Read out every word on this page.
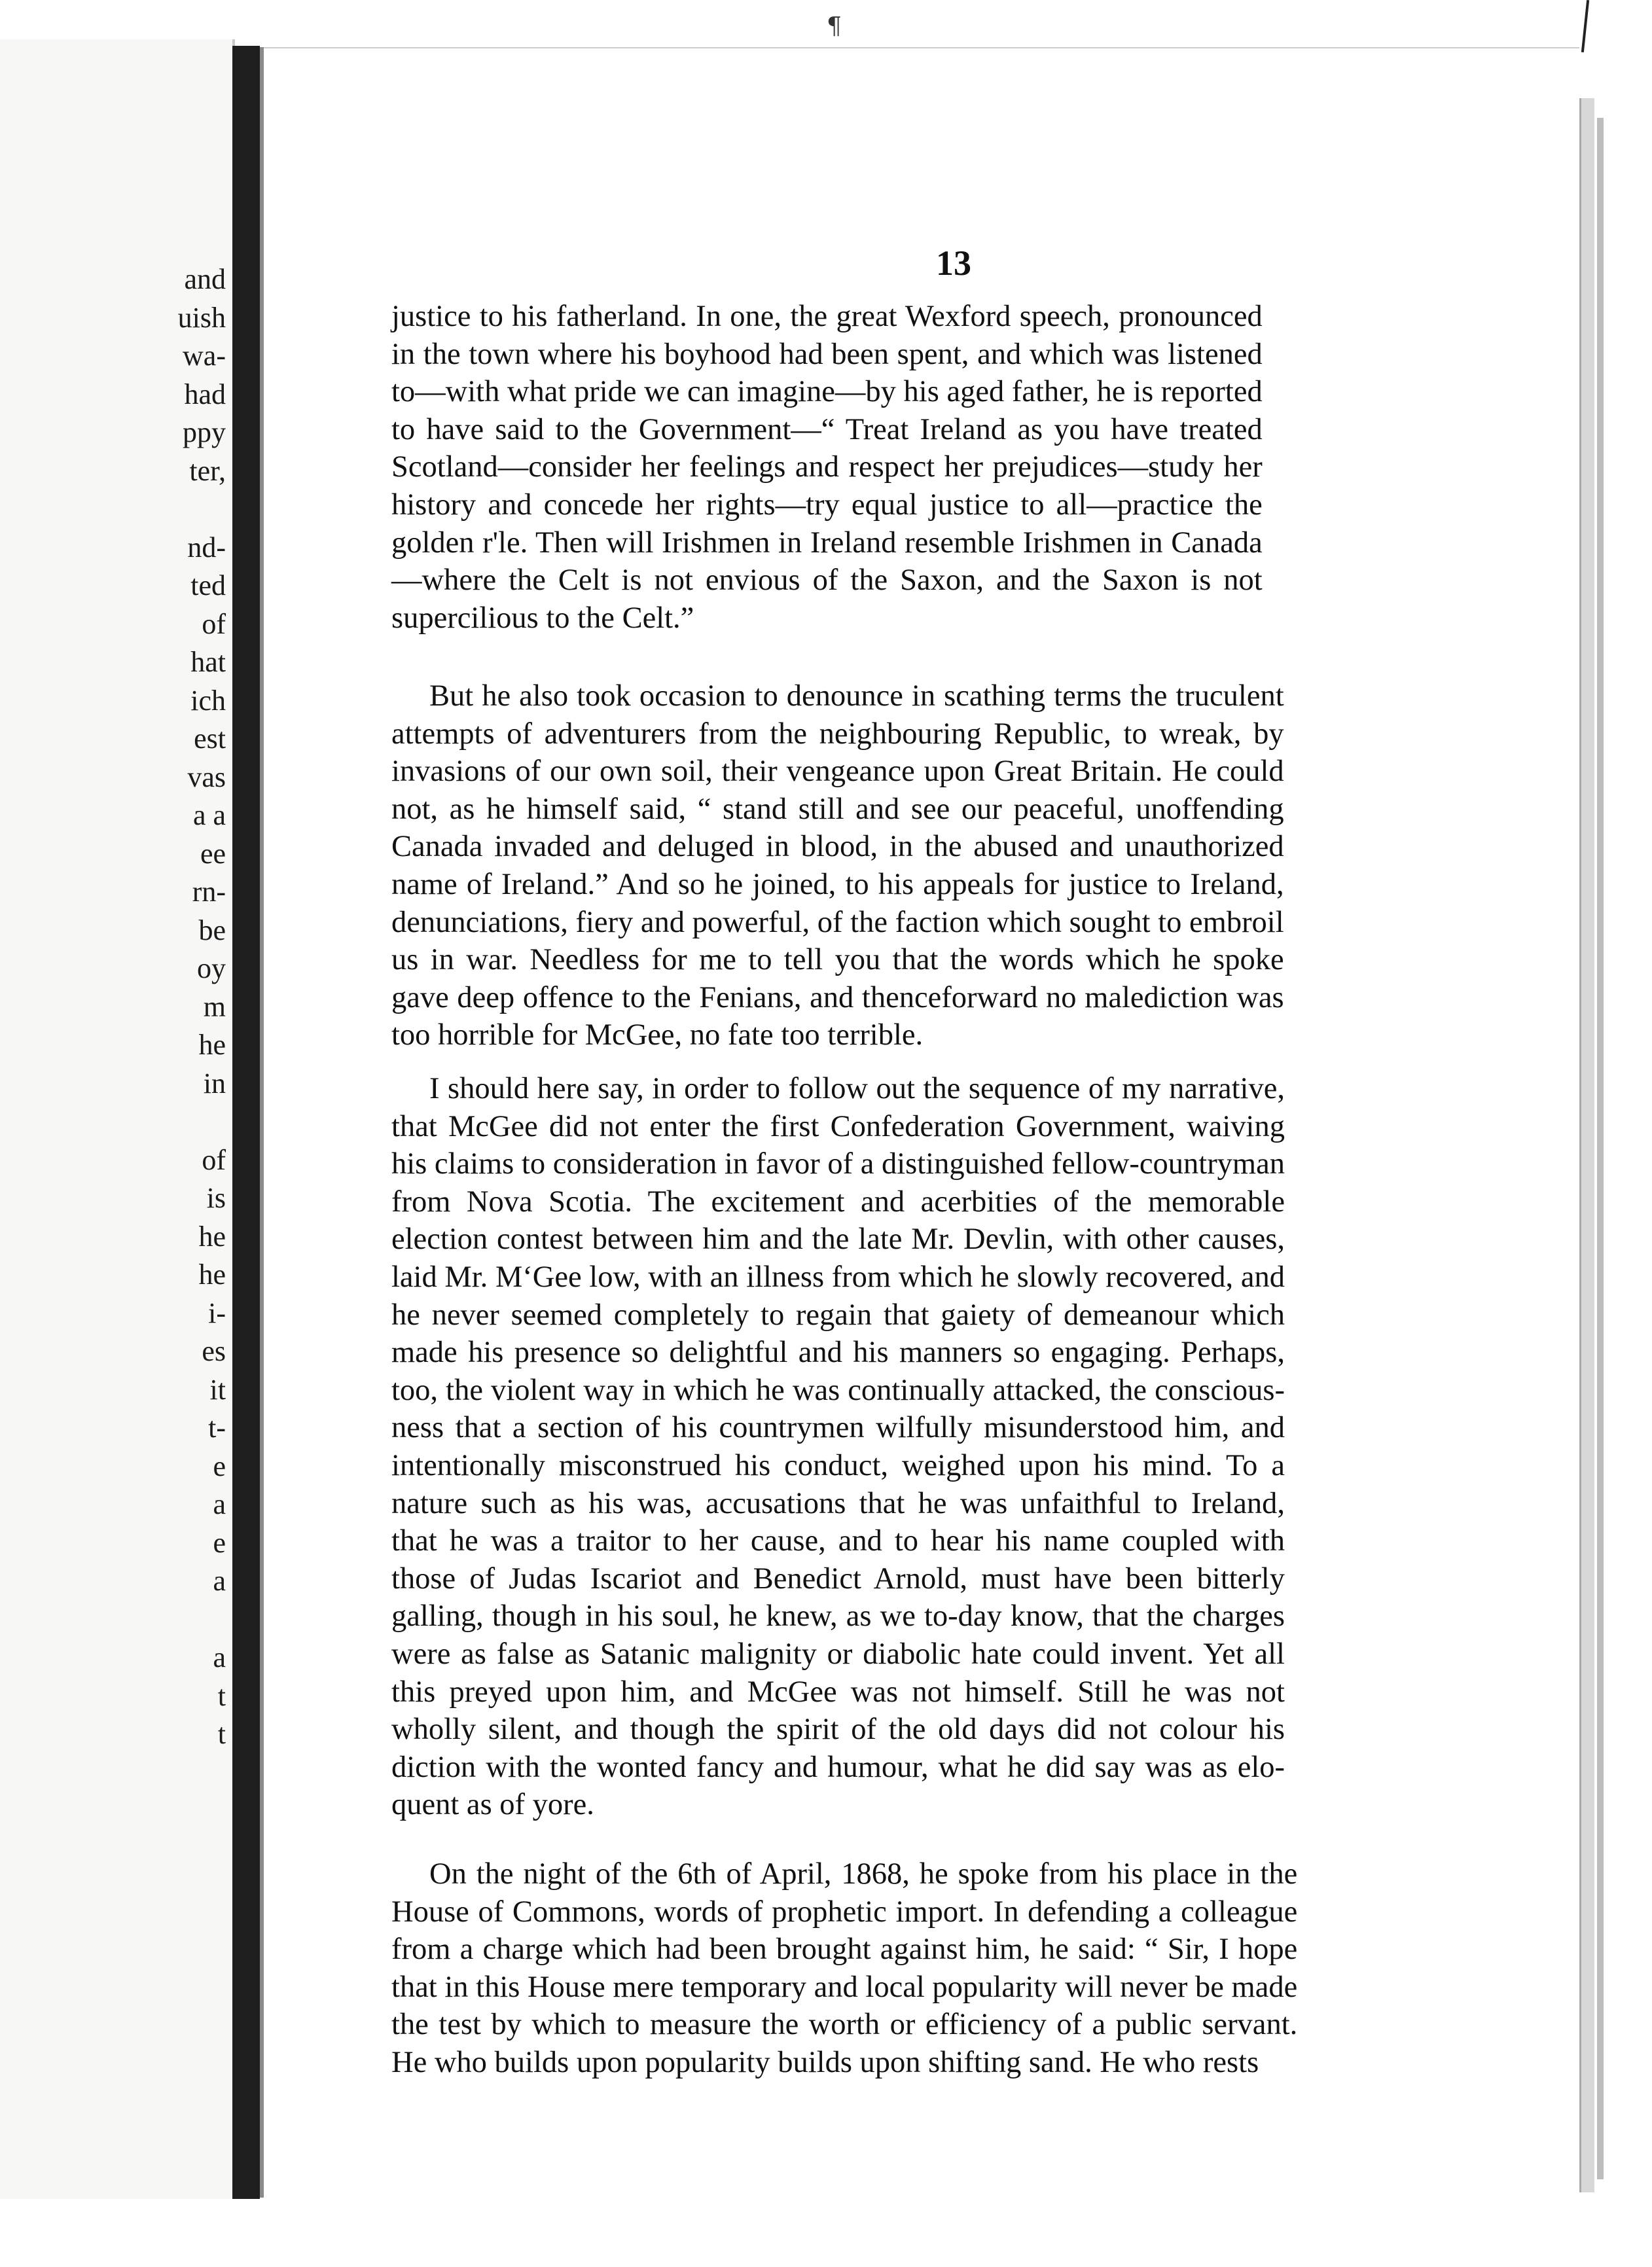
and
uish
wa-
had
ppy
ter,
nd-
ted
of
hat
ich
est
vas
a a
ee
rn-
be
oy
m
he
in
of
is
he
he
i-
es
it
t-
e
a
e
a
a
t
t
¶
13
justice to his fatherland. In one, the great Wexford speech, pronounced
in the town where his boyhood had been spent, and which was listened
to—with what pride we can imagine—by his aged father, he is reported
to have said to the Government—“ Treat Ireland as you have treated
Scotland—consider her feelings and respect her prejudices—study her
history and concede her rights—try equal justice to all—practice the
golden r'le. Then will Irishmen in Ireland resemble Irishmen in Canada
—where the Celt is not envious of the Saxon, and the Saxon is not
supercilious to the Celt.”
But he also took occasion to denounce in scathing terms the truculent
attempts of adventurers from the neighbouring Republic, to wreak, by
invasions of our own soil, their vengeance upon Great Britain. He could
not, as he himself said, “ stand still and see our peaceful, unoffending
Canada invaded and deluged in blood, in the abused and unauthorized
name of Ireland.” And so he joined, to his appeals for justice to Ireland,
denunciations, fiery and powerful, of the faction which sought to embroil
us in war. Needless for me to tell you that the words which he spoke
gave deep offence to the Fenians, and thenceforward no malediction was
too horrible for McGee, no fate too terrible.
I should here say, in order to follow out the sequence of my narrative,
that McGee did not enter the first Confederation Government, waiving
his claims to consideration in favor of a distinguished fellow-countryman
from Nova Scotia. The excitement and acerbities of the memorable
election contest between him and the late Mr. Devlin, with other causes,
laid Mr. M‘Gee low, with an illness from which he slowly recovered, and
he never seemed completely to regain that gaiety of demeanour which
made his presence so delightful and his manners so engaging. Perhaps,
too, the violent way in which he was continually attacked, the conscious-
ness that a section of his countrymen wilfully misunderstood him, and
intentionally misconstrued his conduct, weighed upon his mind. To a
nature such as his was, accusations that he was unfaithful to Ireland,
that he was a traitor to her cause, and to hear his name coupled with
those of Judas Iscariot and Benedict Arnold, must have been bitterly
galling, though in his soul, he knew, as we to-day know, that the charges
were as false as Satanic malignity or diabolic hate could invent. Yet all
this preyed upon him, and McGee was not himself. Still he was not
wholly silent, and though the spirit of the old days did not colour his
diction with the wonted fancy and humour, what he did say was as elo-
quent as of yore.
On the night of the 6th of April, 1868, he spoke from his place in the
House of Commons, words of prophetic import. In defending a colleague
from a charge which had been brought against him, he said: “ Sir, I hope
that in this House mere temporary and local popularity will never be made
the test by which to measure the worth or efficiency of a public servant.
He who builds upon popularity builds upon shifting sand. He who rests
